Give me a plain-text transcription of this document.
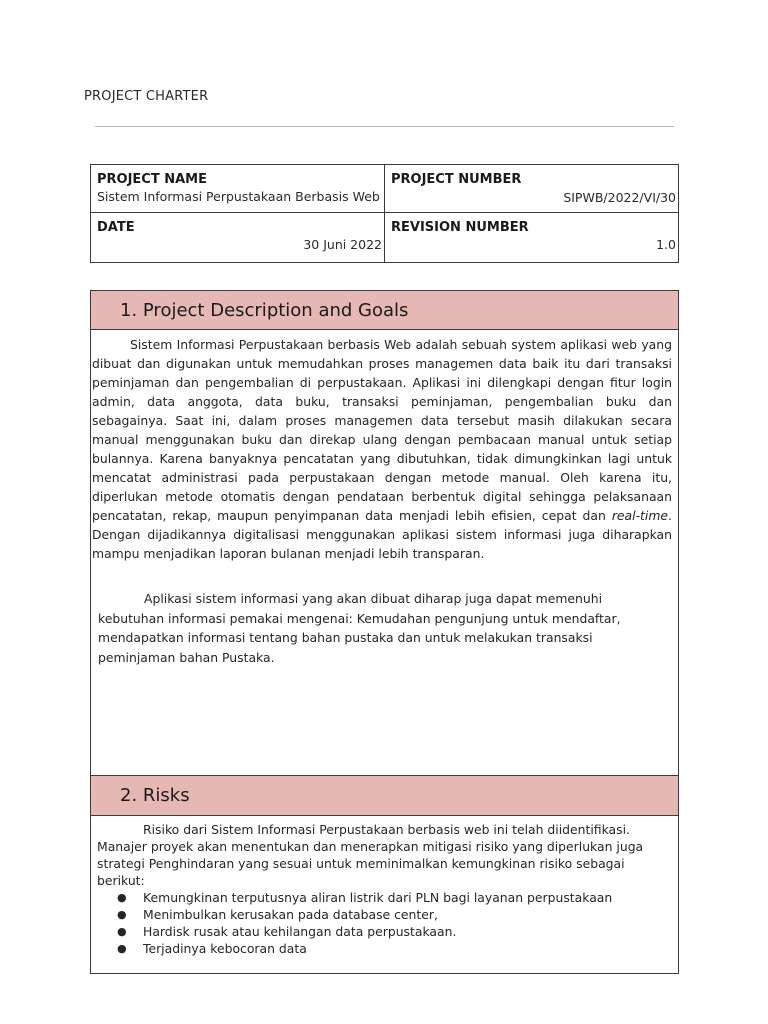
PROJECT CHARTER
PROJECT NAME
Sistem Informasi Perpustakaan Berbasis Web
PROJECT NUMBER
SIPWB/2022/VI/30
DATE
30 Juni 2022
REVISION NUMBER
1.0
1. Project Description and Goals

Sistem Informasi Perpustakaan berbasis Web adalah sebuah system aplikasi web yang dibuat dan digunakan untuk memudahkan proses managemen data baik itu dari transaksi peminjaman dan pengembalian di perpustakaan. Aplikasi ini dilengkapi dengan fitur login admin, data anggota, data buku, transaksi peminjaman, pengembalian buku dan sebagainya. Saat ini, dalam proses managemen data tersebut masih dilakukan secara manual menggunakan buku dan direkap ulang dengan pembacaan manual untuk setiap bulannya. Karena banyaknya pencatatan yang dibutuhkan, tidak dimungkinkan lagi untuk mencatat administrasi pada perpustakaan dengan metode manual. Oleh karena itu, diperlukan metode otomatis dengan pendataan berbentuk digital sehingga pelaksanaan pencatatan, rekap, maupun penyimpanan data menjadi lebih efisien, cepat dan real-time. Dengan dijadikannya digitalisasi menggunakan aplikasi sistem informasi juga diharapkan mampu menjadikan laporan bulanan menjadi lebih transparan.

Aplikasi sistem informasi yang akan dibuat diharap juga dapat memenuhi kebutuhan informasi pemakai mengenai: Kemudahan pengunjung untuk mendaftar, mendapatkan informasi tentang bahan pustaka dan untuk melakukan transaksi peminjaman bahan Pustaka.

2. Risks

Risiko dari Sistem Informasi Perpustakaan berbasis web ini telah diidentifikasi. Manajer proyek akan menentukan dan menerapkan mitigasi risiko yang diperlukan juga strategi Penghindaran yang sesuai untuk meminimalkan kemungkinan risiko sebagai berikut:

● Kemungkinan terputusnya aliran listrik dari PLN bagi layanan perpustakaan
● Menimbulkan kerusakan pada database center,
● Hardisk rusak atau kehilangan data perpustakaan.
● Terjadinya kebocoran data
